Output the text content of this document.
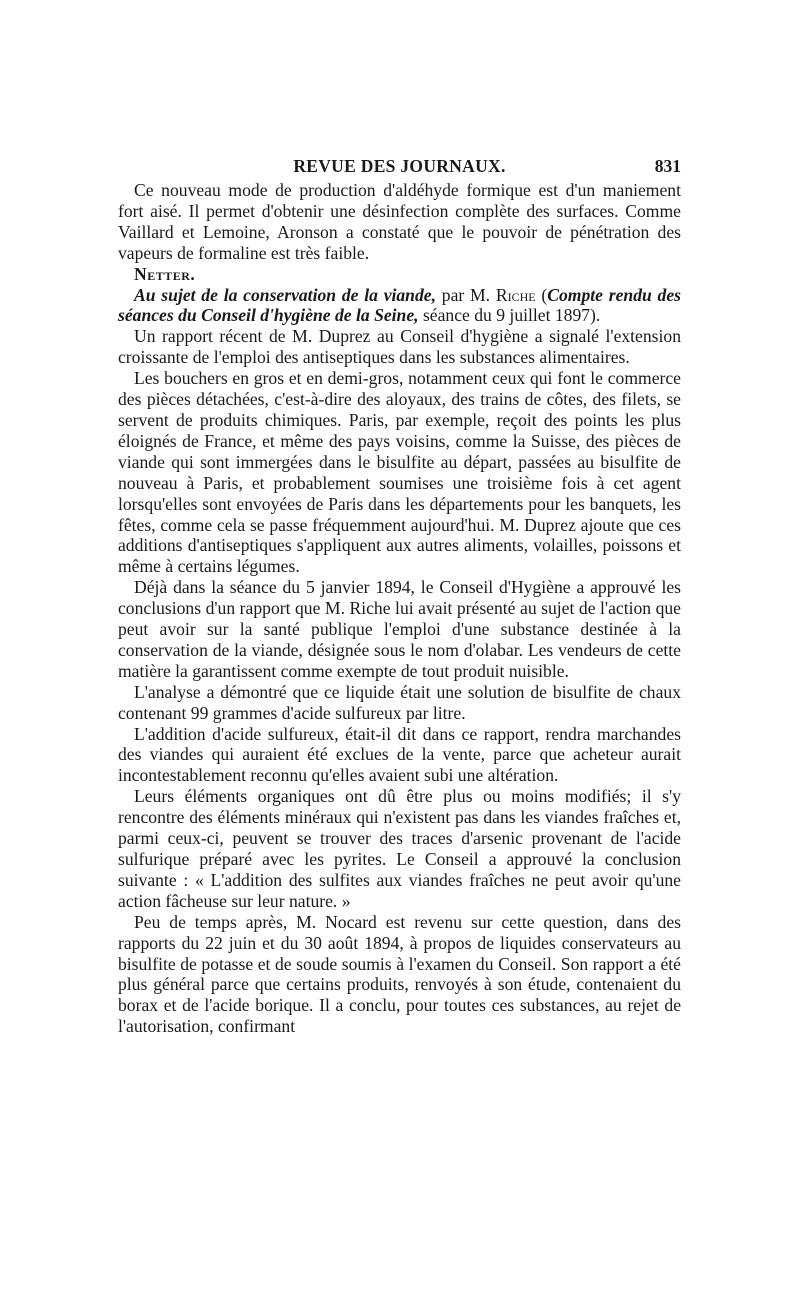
REVUE DES JOURNAUX.	831

Ce nouveau mode de production d'aldéhyde formique est d'un maniement fort aisé. Il permet d'obtenir une désinfection complète des surfaces. Comme Vaillard et Lemoine, Aronson a constaté que le pouvoir de pénétration des vapeurs de formaline est très faible.

Netter.

Au sujet de la conservation de la viande, par M. Riche (Compte rendu des séances du Conseil d'hygiène de la Seine, séance du 9 juillet 1897).

Un rapport récent de M. Duprez au Conseil d'hygiène a signalé l'extension croissante de l'emploi des antiseptiques dans les substances alimentaires.

Les bouchers en gros et en demi-gros, notamment ceux qui font le commerce des pièces détachées, c'est-à-dire des aloyaux, des trains de côtes, des filets, se servent de produits chimiques. Paris, par exemple, reçoit des points les plus éloignés de France, et même des pays voisins, comme la Suisse, des pièces de viande qui sont immergées dans le bisulfite au départ, passées au bisulfite de nouveau à Paris, et probablement soumises une troisième fois à cet agent lorsqu'elles sont envoyées de Paris dans les départements pour les banquets, les fêtes, comme cela se passe fréquemment aujourd'hui. M. Duprez ajoute que ces additions d'antiseptiques s'appliquent aux autres aliments, volailles, poissons et même à certains légumes.

Déjà dans la séance du 5 janvier 1894, le Conseil d'Hygiène a approuvé les conclusions d'un rapport que M. Riche lui avait présenté au sujet de l'action que peut avoir sur la santé publique l'emploi d'une substance destinée à la conservation de la viande, désignée sous le nom d'olabar. Les vendeurs de cette matière la garantissent comme exempte de tout produit nuisible.

L'analyse a démontré que ce liquide était une solution de bisulfite de chaux contenant 99 grammes d'acide sulfureux par litre.

L'addition d'acide sulfureux, était-il dit dans ce rapport, rendra marchandes des viandes qui auraient été exclues de la vente, parce que acheteur aurait incontestablement reconnu qu'elles avaient subi une altération.

Leurs éléments organiques ont dû être plus ou moins modifiés; il s'y rencontre des éléments minéraux qui n'existent pas dans les viandes fraîches et, parmi ceux-ci, peuvent se trouver des traces d'arsenic provenant de l'acide sulfurique préparé avec les pyrites. Le Conseil a approuvé la conclusion suivante : « L'addition des sulfites aux viandes fraîches ne peut avoir qu'une action fâcheuse sur leur nature. »

Peu de temps après, M. Nocard est revenu sur cette question, dans des rapports du 22 juin et du 30 août 1894, à propos de liquides conservateurs au bisulfite de potasse et de soude soumis à l'examen du Conseil. Son rapport a été plus général parce que certains produits, renvoyés à son étude, contenaient du borax et de l'acide borique. Il a conclu, pour toutes ces substances, au rejet de l'autorisation, confirmant
